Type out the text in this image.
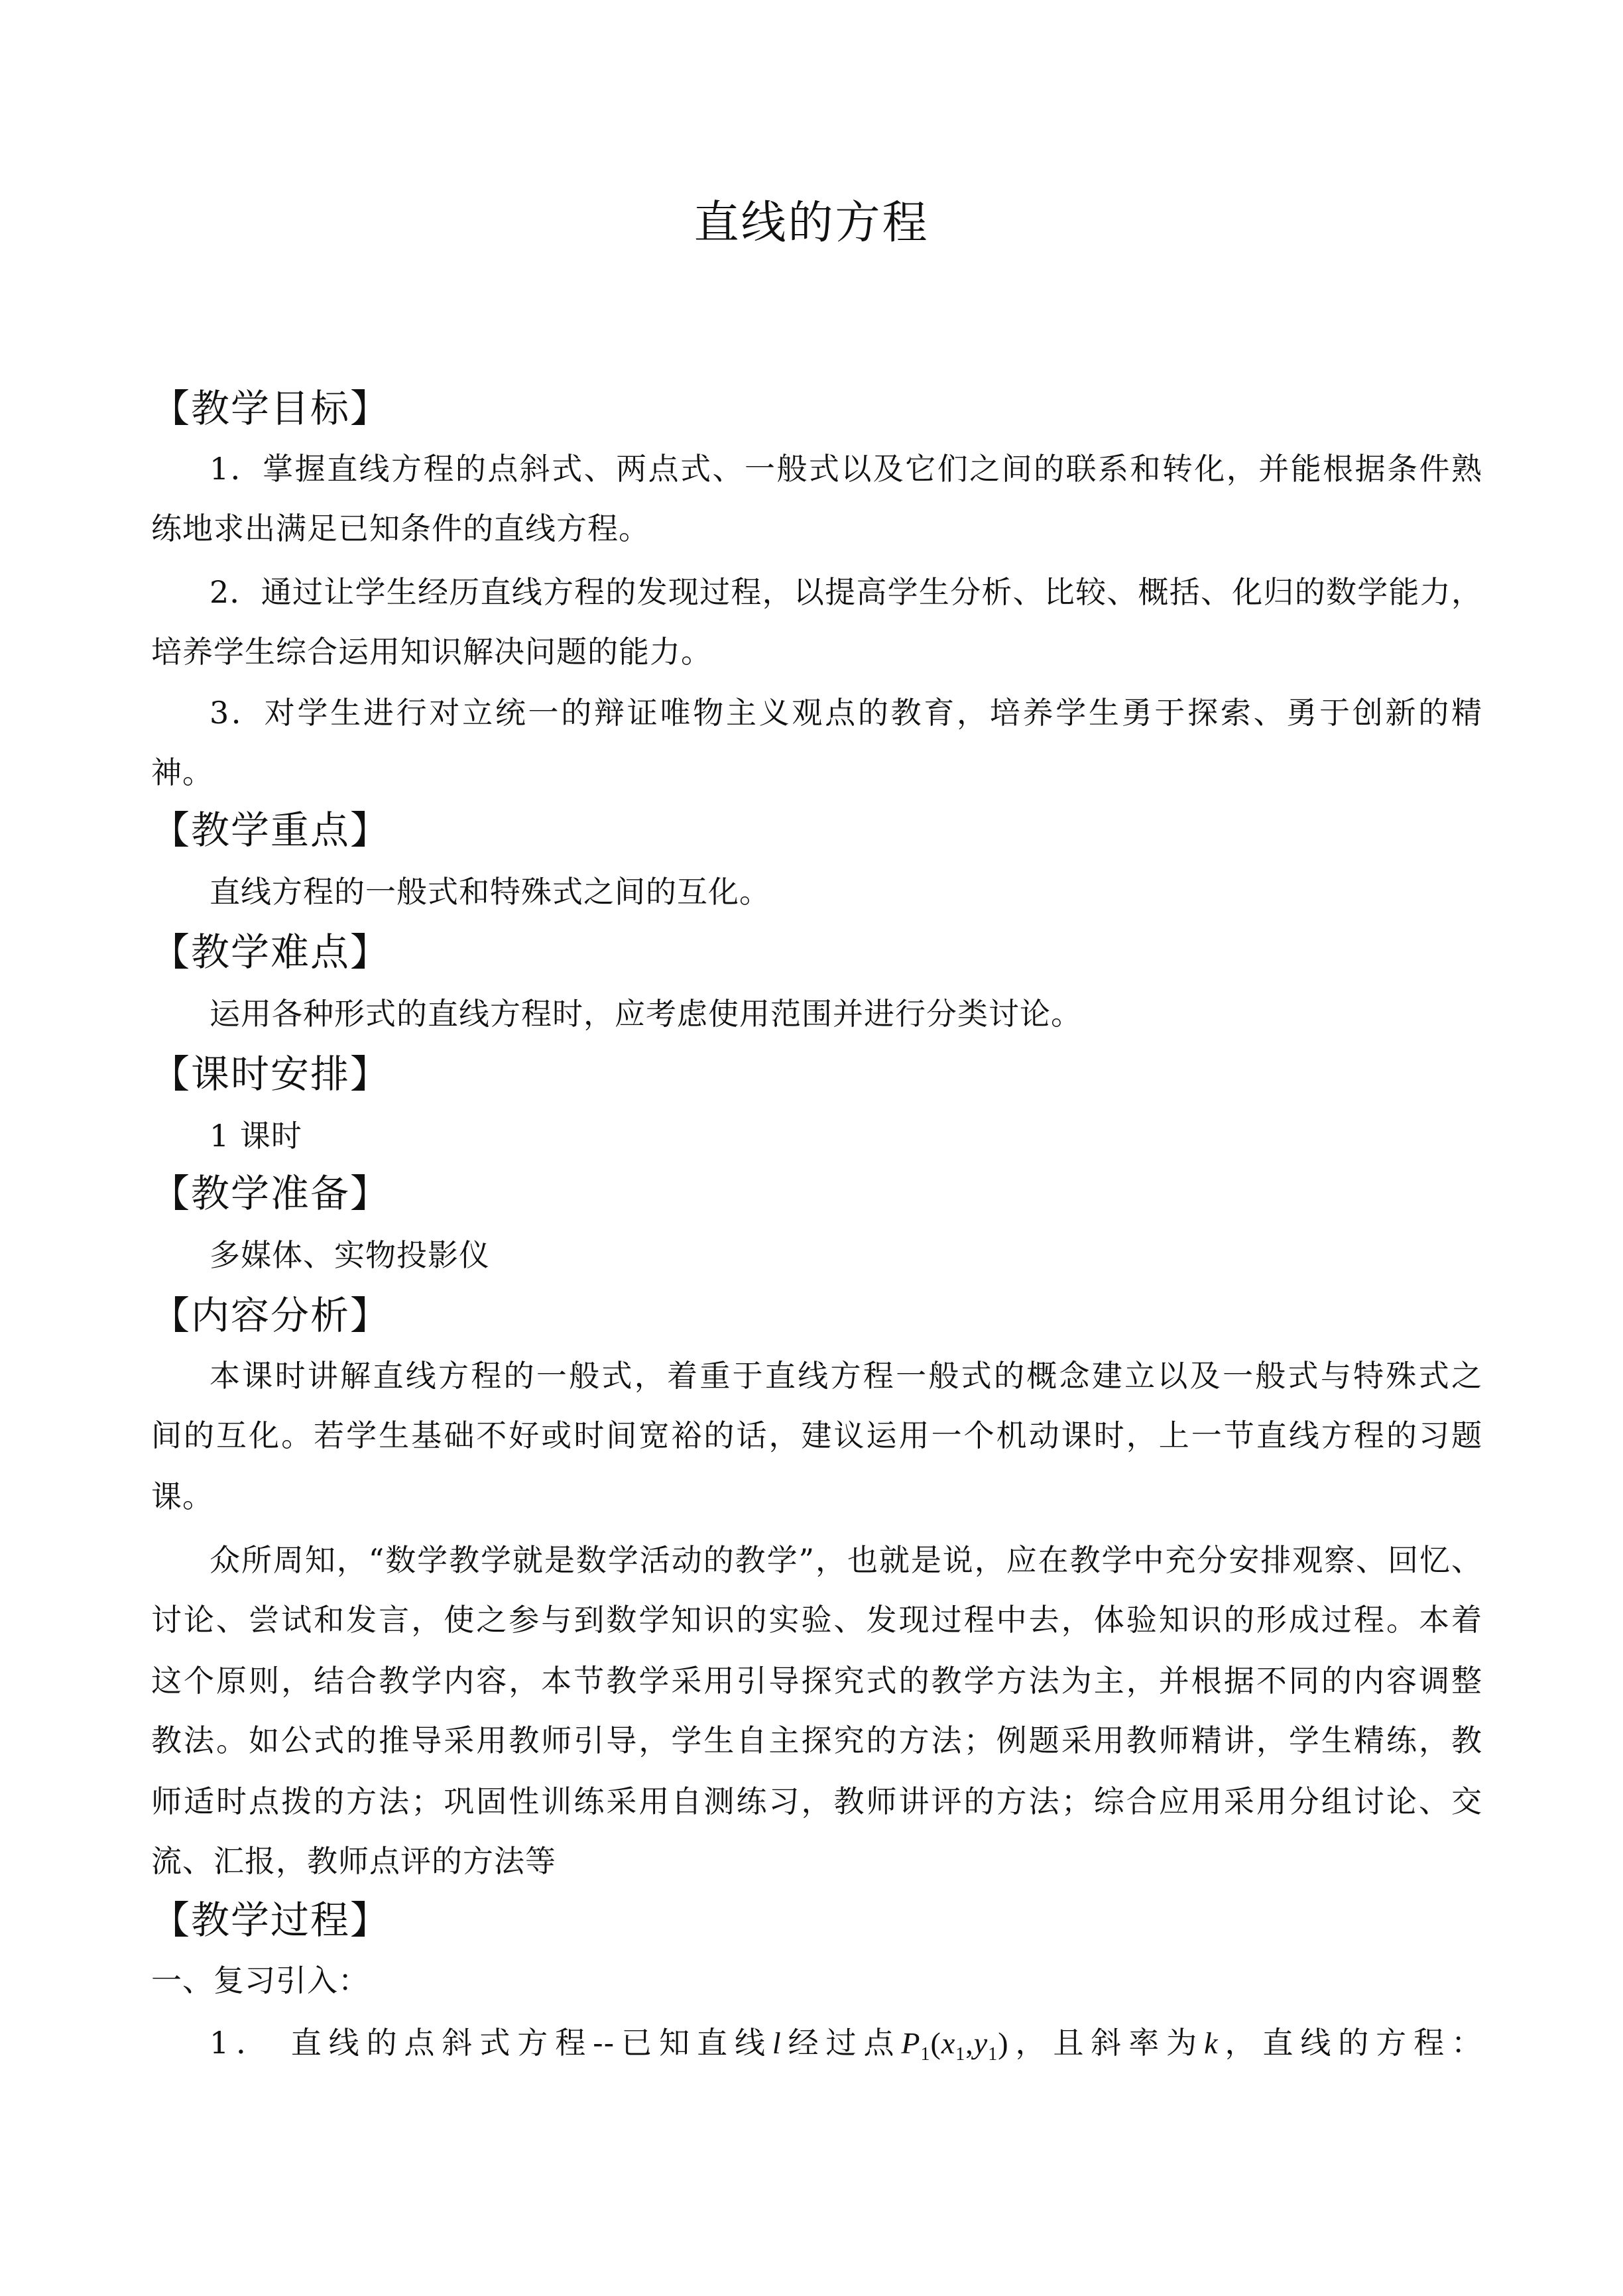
直线的方程
【教学目标】
1．掌握直线方程的点斜式、两点式、一般式以及它们之间的联系和转化，并能根据条件熟
练地求出满足已知条件的直线方程。
2．通过让学生经历直线方程的发现过程，以提高学生分析、比较、概括、化归的数学能力，
培养学生综合运用知识解决问题的能力。
3．对学生进行对立统一的辩证唯物主义观点的教育，培养学生勇于探索、勇于创新的精
神。
【教学重点】
直线方程的一般式和特殊式之间的互化。
【教学难点】
运用各种形式的直线方程时，应考虑使用范围并进行分类讨论。
【课时安排】
1 课时
【教学准备】
多媒体、实物投影仪
【内容分析】
本课时讲解直线方程的一般式，着重于直线方程一般式的概念建立以及一般式与特殊式之
间的互化。若学生基础不好或时间宽裕的话，建议运用一个机动课时，上一节直线方程的习题
课。
众所周知，“数学教学就是数学活动的教学”，也就是说，应在教学中充分安排观察、回忆、
讨论、尝试和发言，使之参与到数学知识的实验、发现过程中去，体验知识的形成过程。本着
这个原则，结合教学内容，本节教学采用引导探究式的教学方法为主，并根据不同的内容调整
教法。如公式的推导采用教师引导，学生自主探究的方法；例题采用教师精讲，学生精练，教
师适时点拨的方法；巩固性训练采用自测练习，教师讲评的方法；综合应用采用分组讨论、交
流、汇报，教师点评的方法等
【教学过程】
一、复习引入：
1． 直线的点斜式方程--已知直线l经过点$P_1(x_1,y_1)$，且斜率为k，直线的方程：
